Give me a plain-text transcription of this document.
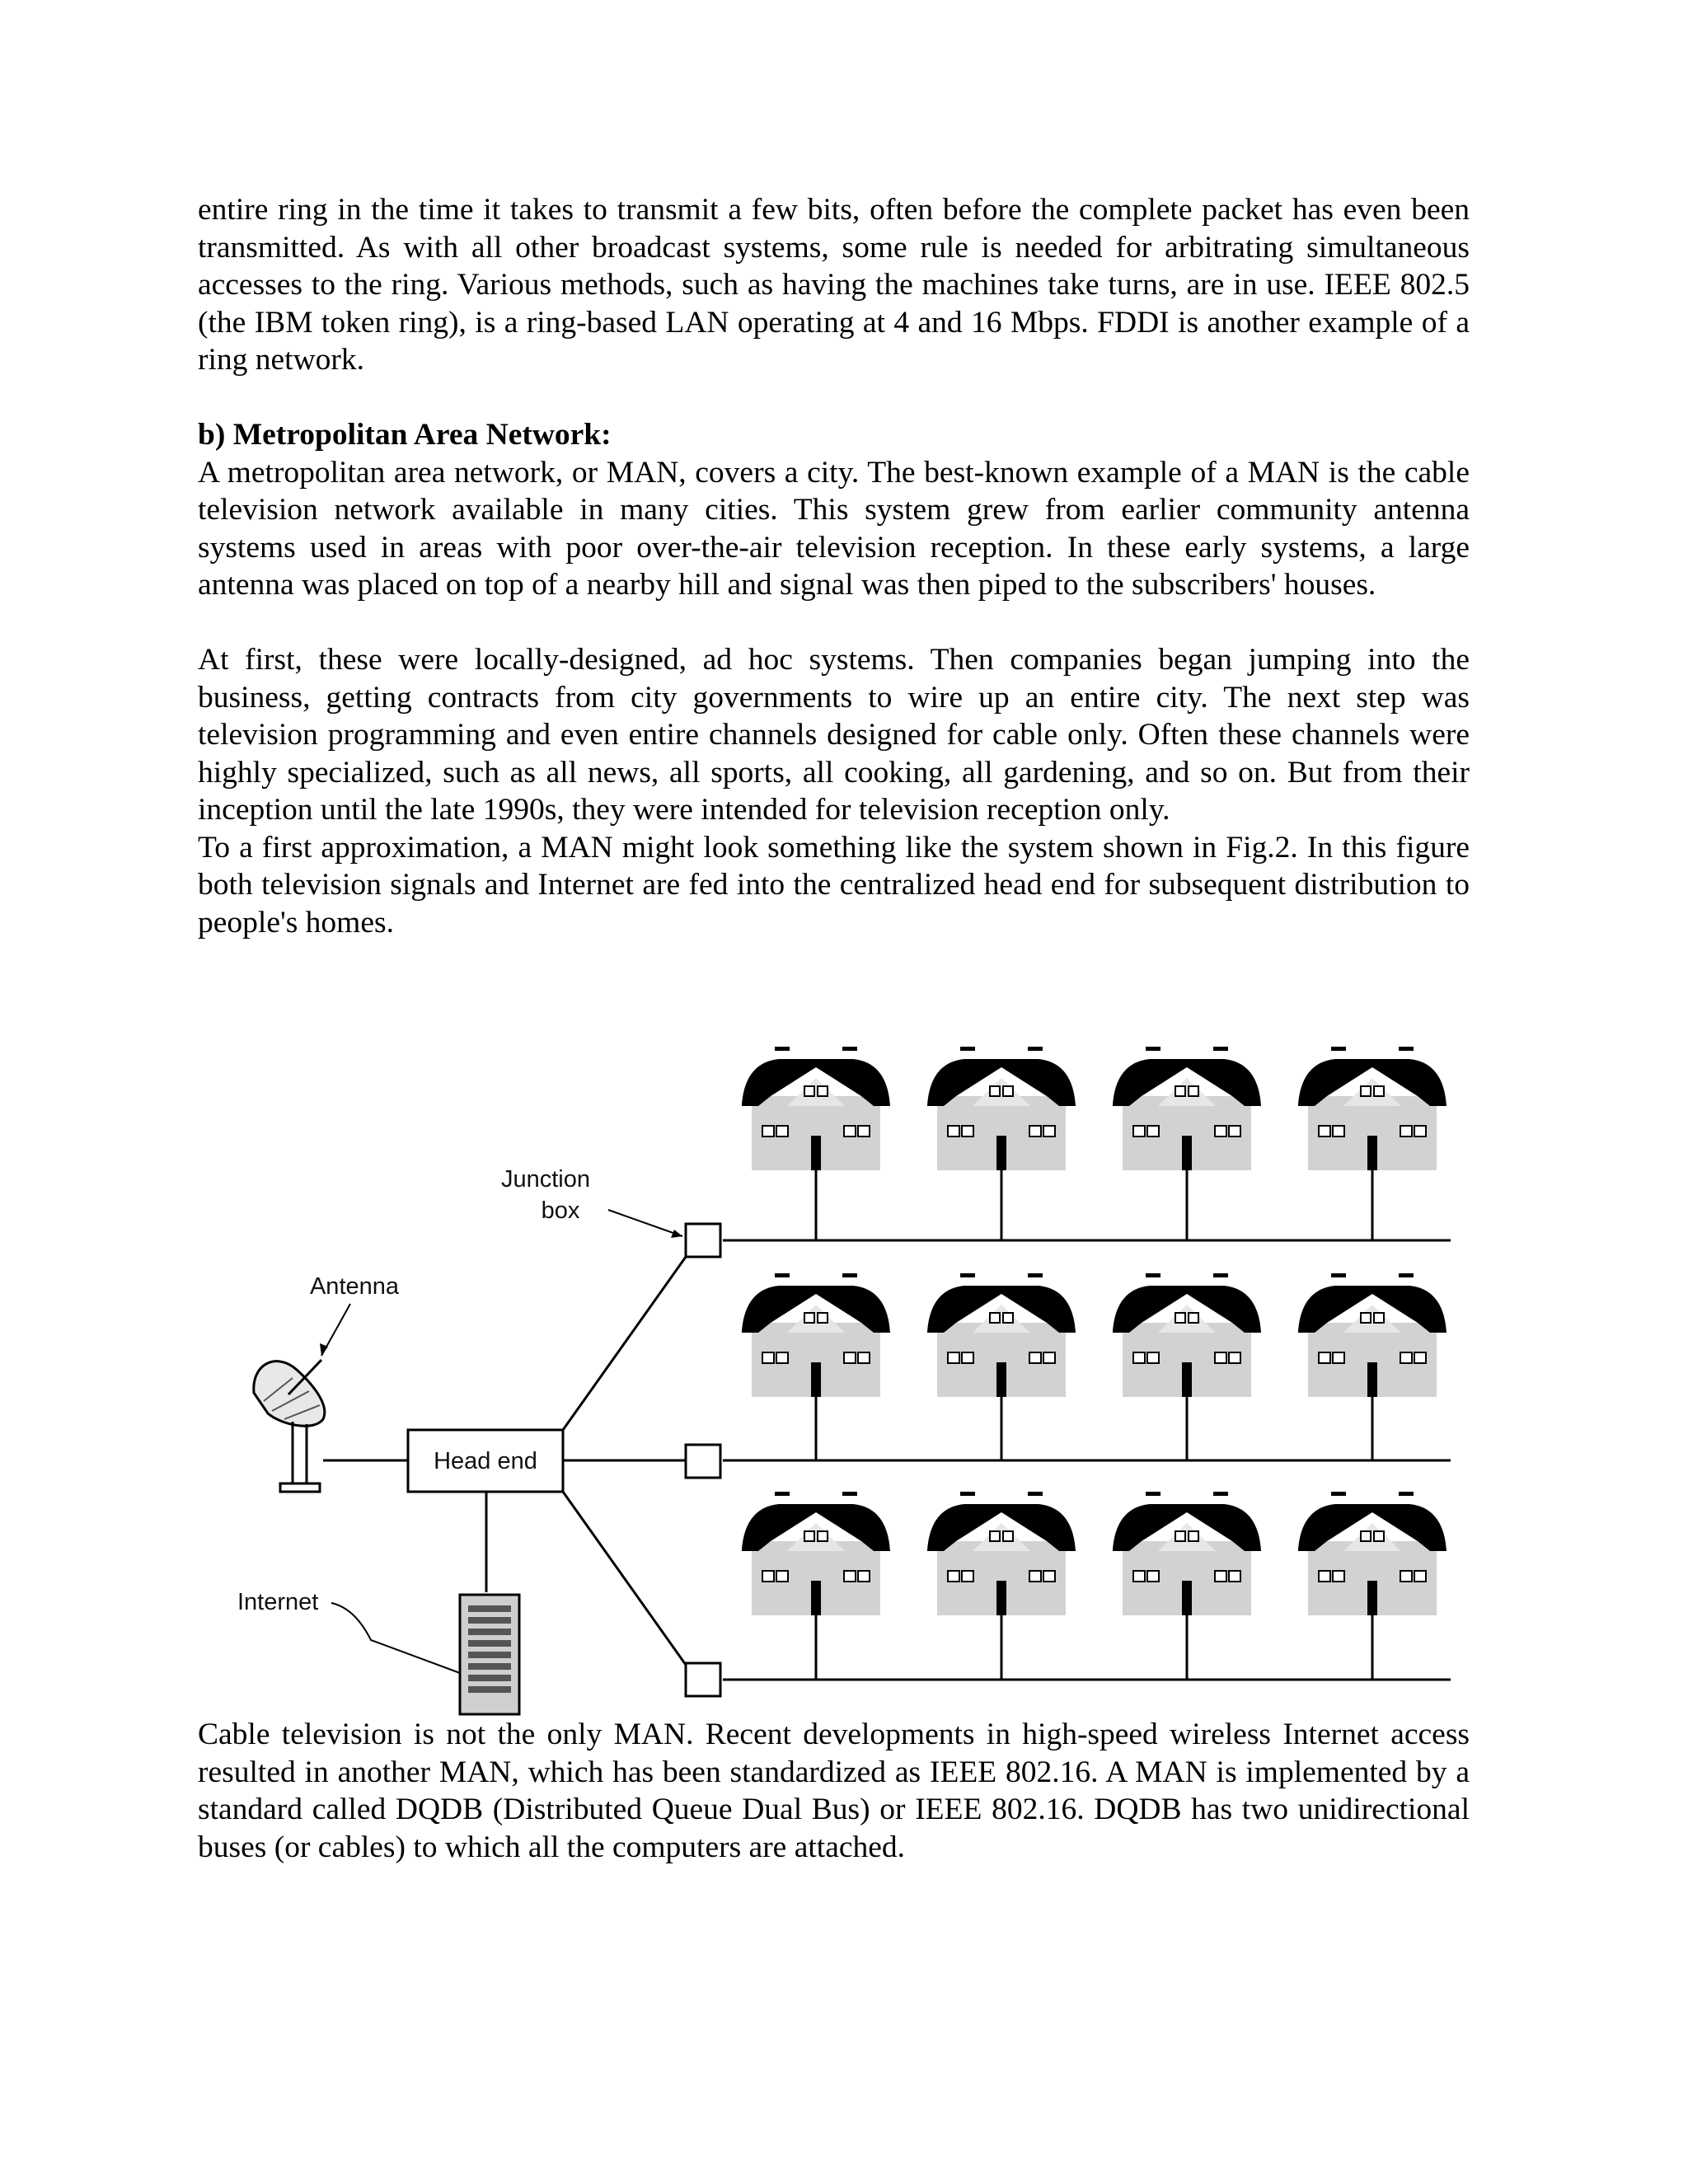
entire ring in the time it takes to transmit a few bits, often before the complete packet has even been transmitted. As with all other broadcast systems, some rule is needed for arbitrating simultaneous accesses to the ring. Various methods, such as having the machines take turns, are in use. IEEE 802.5 (the IBM token ring), is a ring-based LAN operating at 4 and 16 Mbps. FDDI is another example of a ring network.

b) Metropolitan Area Network:

A metropolitan area network, or MAN, covers a city. The best-known example of a MAN is the cable television network available in many cities. This system grew from earlier community antenna systems used in areas with poor over-the-air television reception. In these early systems, a large antenna was placed on top of a nearby hill and signal was then piped to the subscribers' houses.

At first, these were locally-designed, ad hoc systems. Then companies began jumping into the business, getting contracts from city governments to wire up an entire city. The next step was television programming and even entire channels designed for cable only. Often these channels were highly specialized, such as all news, all sports, all cooking, all gardening, and so on. But from their inception until the late 1990s, they were intended for television reception only.

To a first approximation, a MAN might look something like the system shown in Fig.2. In this figure both television signals and Internet are fed into the centralized head end for subsequent distribution to people's homes.

Head end
Antenna
Junction
box
Internet

Cable television is not the only MAN. Recent developments in high-speed wireless Internet access resulted in another MAN, which has been standardized as IEEE 802.16. A MAN is implemented by a standard called DQDB (Distributed Queue Dual Bus) or IEEE 802.16. DQDB has two unidirectional buses (or cables) to which all the computers are attached.
